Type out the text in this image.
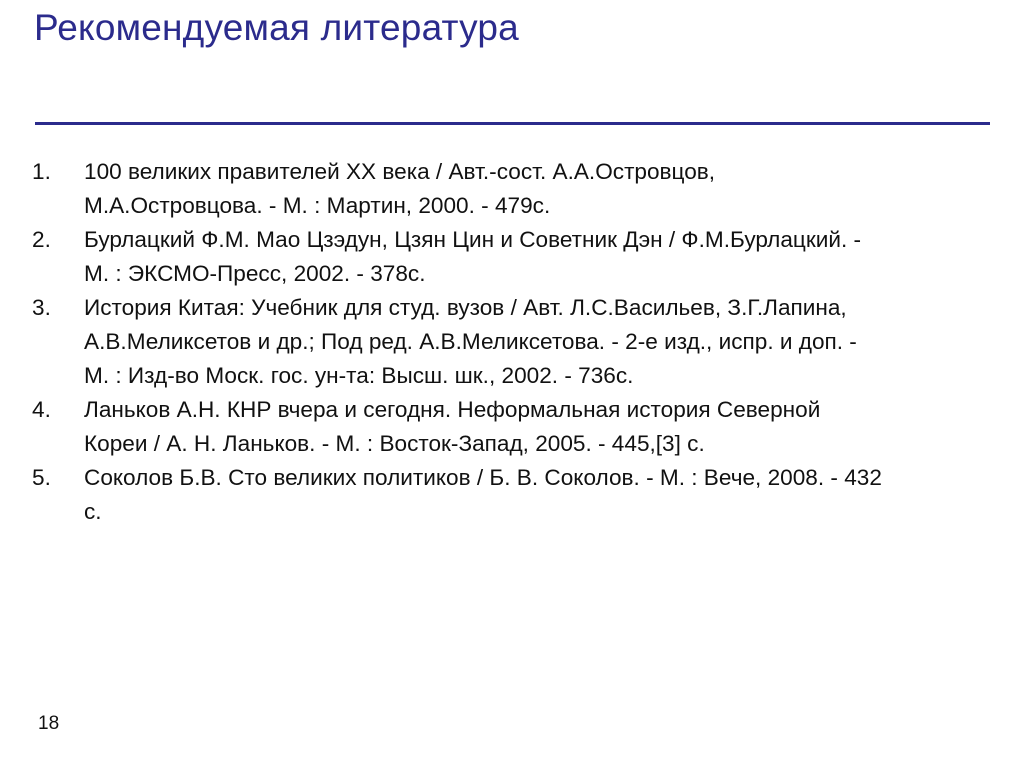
Рекомендуемая литература
1.	100 великих правителей XX века / Авт.-сост. А.А.Островцов,
М.А.Островцова. - М. : Мартин, 2000. - 479с.
2.	Бурлацкий Ф.М. Мао Цзэдун, Цзян Цин и Советник Дэн / Ф.М.Бурлацкий. -
М. : ЭКСМО-Пресс, 2002. - 378с.
3.	История Китая: Учебник для студ. вузов / Авт. Л.С.Васильев, З.Г.Лапина,
А.В.Меликсетов и др.; Под ред. А.В.Меликсетова. - 2-е изд., испр. и доп. -
М. : Изд-во Моск. гос. ун-та: Высш. шк., 2002. - 736с.
4.	Ланьков А.Н. КНР вчера и сегодня. Неформальная история Северной
Кореи / А. Н. Ланьков. - М. : Восток-Запад, 2005. - 445,[3] с.
5.	Соколов Б.В. Сто великих политиков / Б. В. Соколов. - М. : Вече, 2008. - 432
с.
18
